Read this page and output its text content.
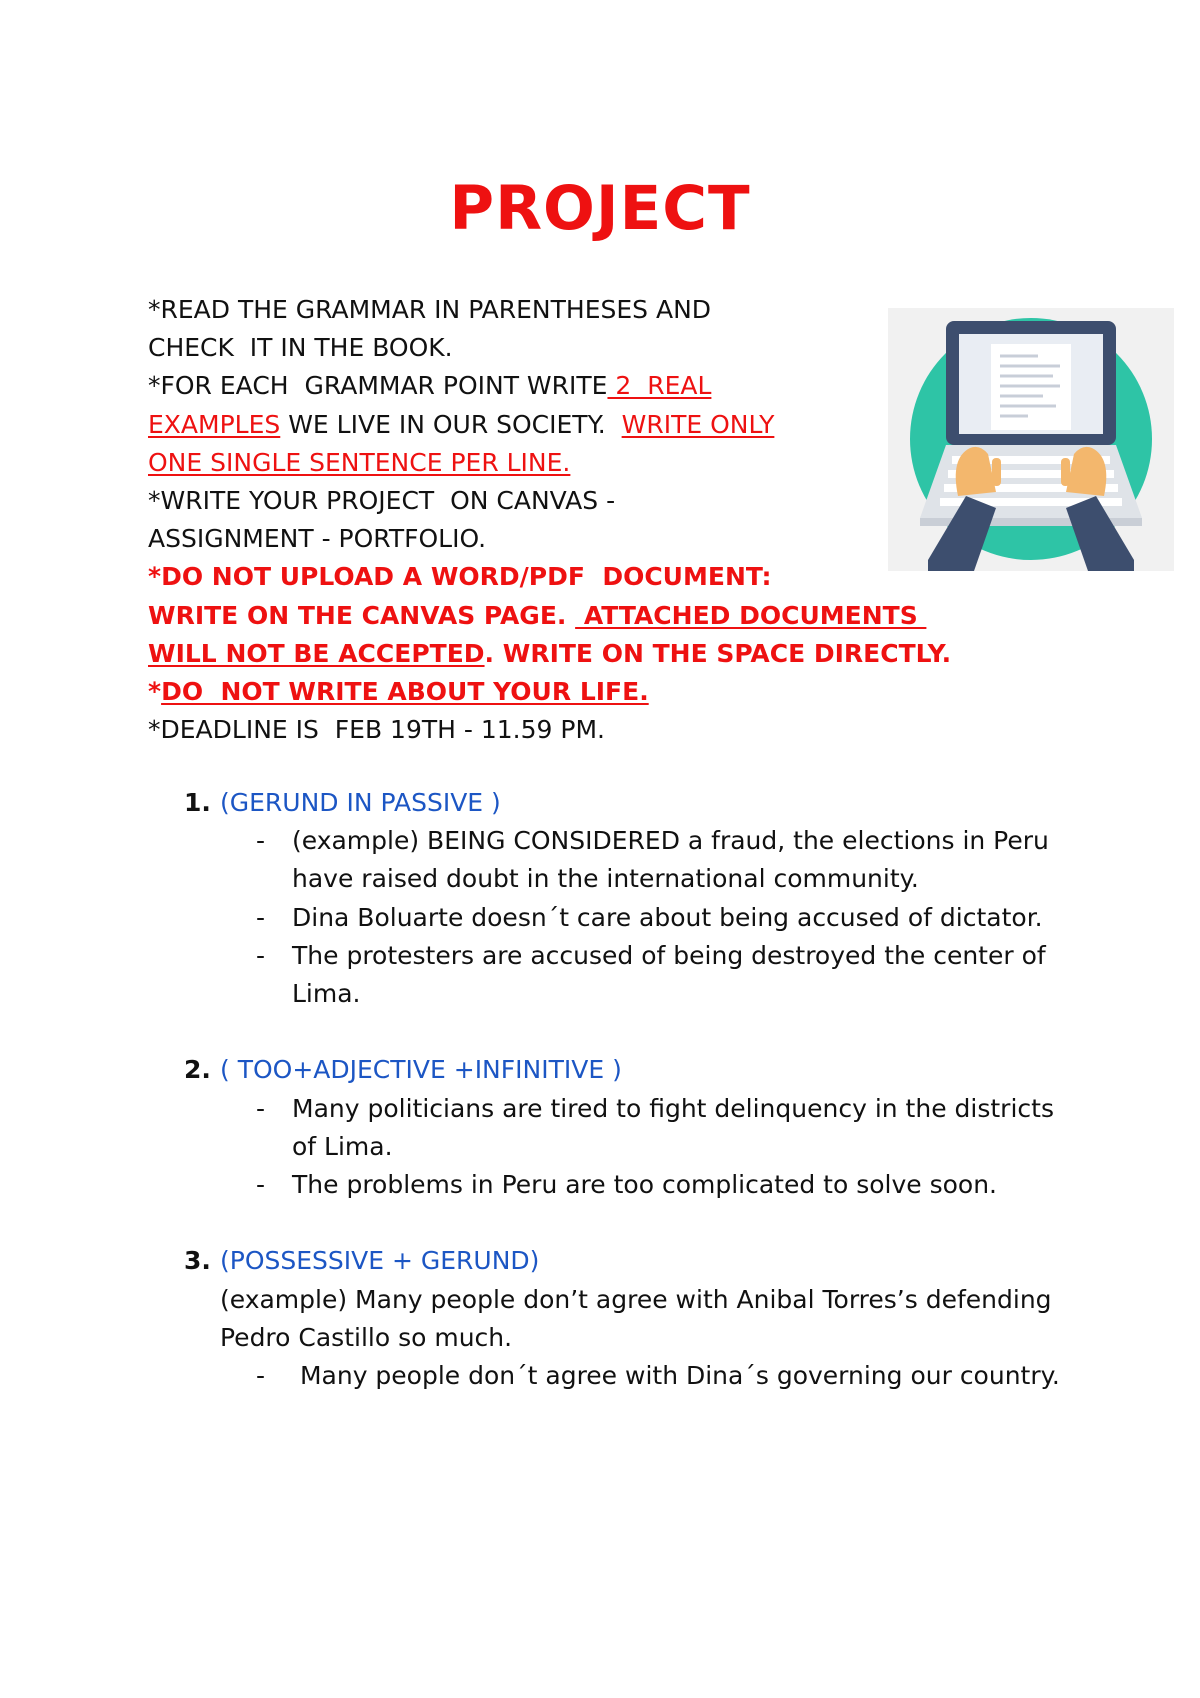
PROJECT
*READ THE GRAMMAR IN PARENTHESES AND
CHECK  IT IN THE BOOK.
*FOR EACH  GRAMMAR POINT WRITE 2  REAL
EXAMPLES WE LIVE IN OUR SOCIETY.  WRITE ONLY
ONE SINGLE SENTENCE PER LINE.
*WRITE YOUR PROJECT  ON CANVAS -
ASSIGNMENT - PORTFOLIO.
*DO NOT UPLOAD A WORD/PDF  DOCUMENT:
WRITE ON THE CANVAS PAGE.  ATTACHED DOCUMENTS
WILL NOT BE ACCEPTED. WRITE ON THE SPACE DIRECTLY.
*DO  NOT WRITE ABOUT YOUR LIFE.
*DEADLINE IS  FEB 19TH - 11.59 PM.
1. (GERUND IN PASSIVE )
- (example) BEING CONSIDERED a fraud, the elections in Peru have raised doubt in the international community.
- Dina Boluarte doesn´t care about being accused of dictator.
- The protesters are accused of being destroyed the center of Lima.
2. ( TOO+ADJECTIVE +INFINITIVE )
- Many politicians are tired to fight delinquency in the districts of Lima.
- The problems in Peru are too complicated to solve soon.
3. (POSSESSIVE + GERUND)
(example) Many people don’t agree with Anibal Torres’s defending Pedro Castillo so much.
- Many people don´t agree with Dina´s governing our country.
